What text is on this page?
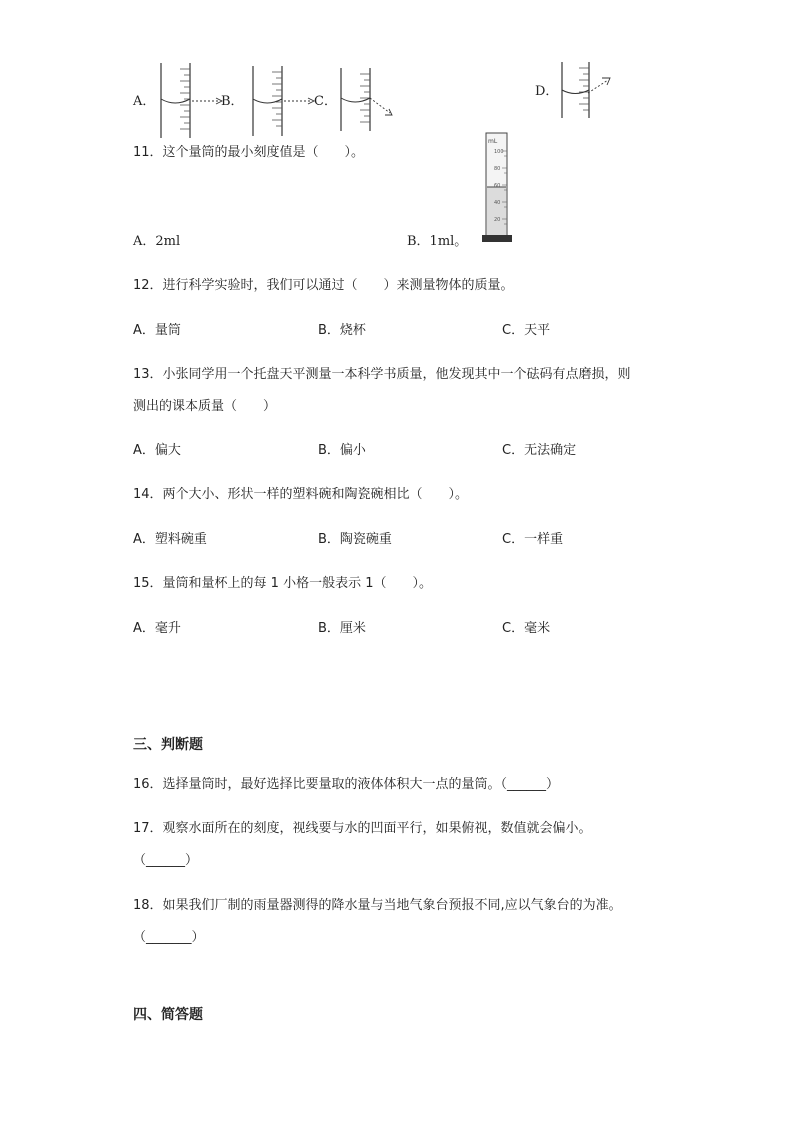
A．	B．	C．
D．
11．这个量筒的最小刻度值是（　　）。
A．2ml	B．1ml。
mL
100
80
60
40
20
12．进行科学实验时，我们可以通过（　　）来测量物体的质量。
A．量筒	B．烧杯	C．天平
13．小张同学用一个托盘天平测量一本科学书质量，他发现其中一个砝码有点磨损，则
测出的课本质量（　　）
A．偏大	B．偏小	C．无法确定
14．两个大小、形状一样的塑料碗和陶瓷碗相比（　　）。
A．塑料碗重	B．陶瓷碗重	C．一样重
15．量筒和量杯上的每 1 小格一般表示 1（　　）。
A．毫升	B．厘米	C．毫米
三、判断题
16．选择量筒时，最好选择比要量取的液体体积大一点的量筒。（______）
17．观察水面所在的刻度，视线要与水的凹面平行，如果俯视，数值就会偏小。
（______）
18．如果我们厂制的雨量器测得的降水量与当地气象台预报不同,应以气象台的为准。
（_______）
四、简答题
